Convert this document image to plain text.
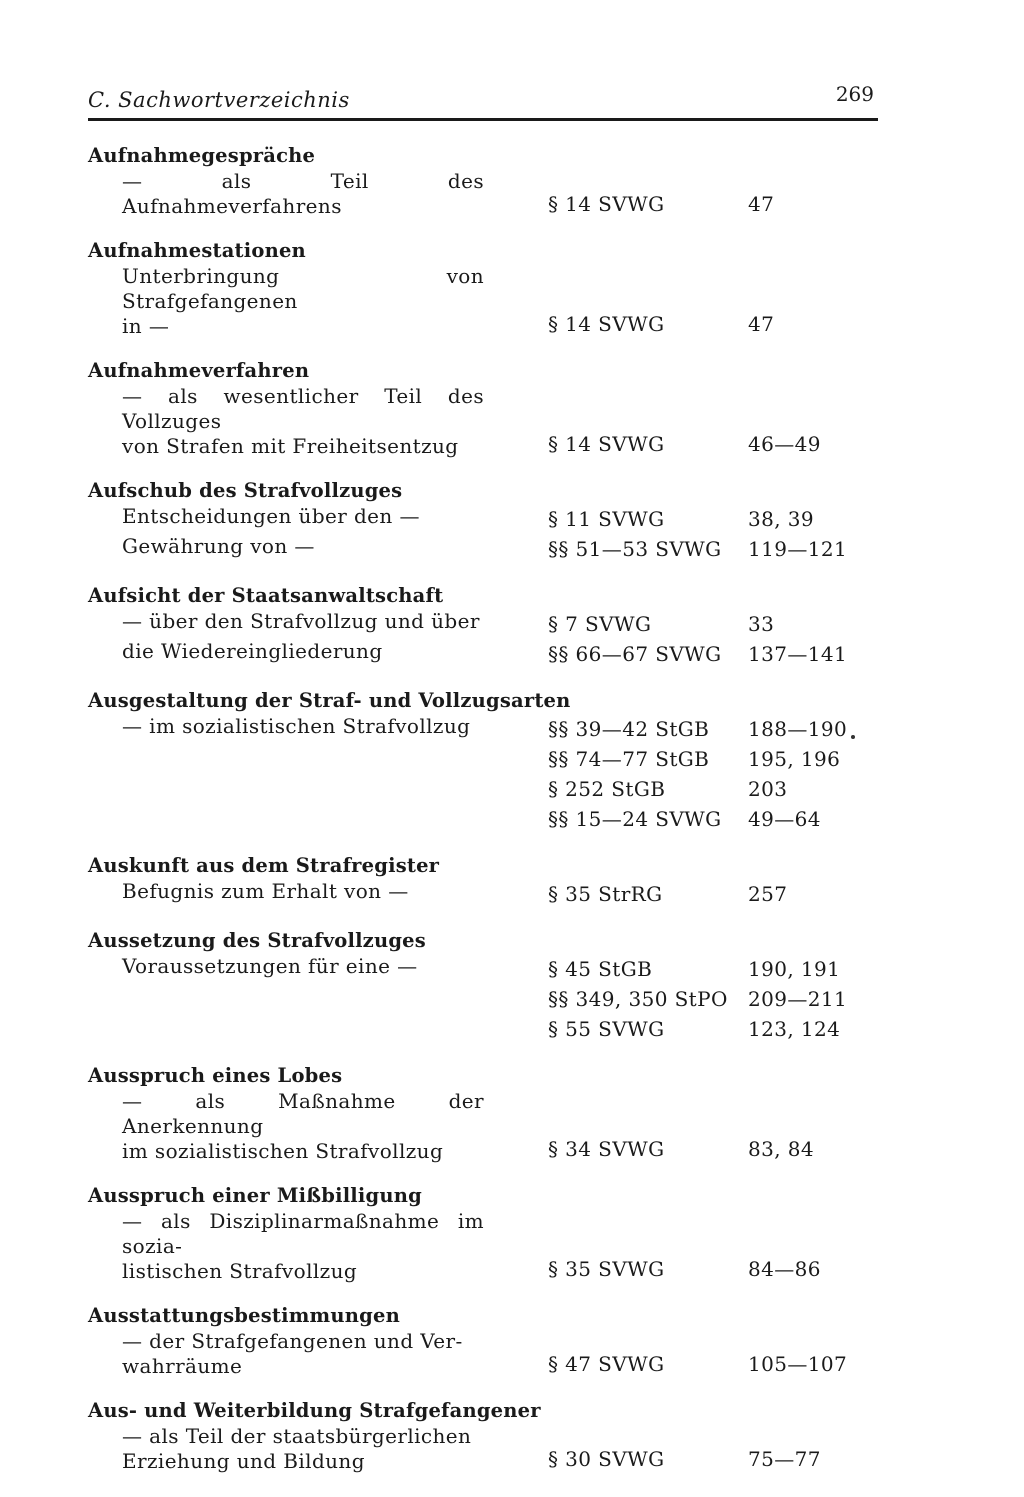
C. Sachwortverzeichnis	269
Aufnahmegespräche
— als Teil des Aufnahmeverfahrens	§ 14 SVWG	47
Aufnahmestationen
Unterbringung von Strafgefangenen
in —	§ 14 SVWG	47
Aufnahmeverfahren
— als wesentlicher Teil des Vollzuges
von Strafen mit Freiheitsentzug	§ 14 SVWG	46—49
Aufschub des Strafvollzuges
Entscheidungen über den —	§ 11 SVWG	38, 39
Gewährung von —	§§ 51—53 SVWG	119—121
Aufsicht der Staatsanwaltschaft
— über den Strafvollzug und über	§ 7 SVWG	33
die Wiedereingliederung	§§ 66—67 SVWG	137—141
Ausgestaltung der Straf- und Vollzugsarten
— im sozialistischen Strafvollzug	§§ 39—42 StGB	188—190
§§ 74—77 StGB	195, 196
§ 252 StGB	203
§§ 15—24 SVWG	49—64
Auskunft aus dem Strafregister
Befugnis zum Erhalt von —	§ 35 StrRG	257
Aussetzung des Strafvollzuges
Voraussetzungen für eine —	§ 45 StGB	190, 191
§§ 349, 350 StPO	209—211
§ 55 SVWG	123, 124
Ausspruch eines Lobes
— als Maßnahme der Anerkennung
im sozialistischen Strafvollzug	§ 34 SVWG	83, 84
Ausspruch einer Mißbilligung
— als Disziplinarmaßnahme im sozia-
listischen Strafvollzug	§ 35 SVWG	84—86
Ausstattungsbestimmungen
— der Strafgefangenen und Ver-
wahrräume	§ 47 SVWG	105—107
Aus- und Weiterbildung Strafgefangener
— als Teil der staatsbürgerlichen
Erziehung und Bildung	§ 30 SVWG	75—77
